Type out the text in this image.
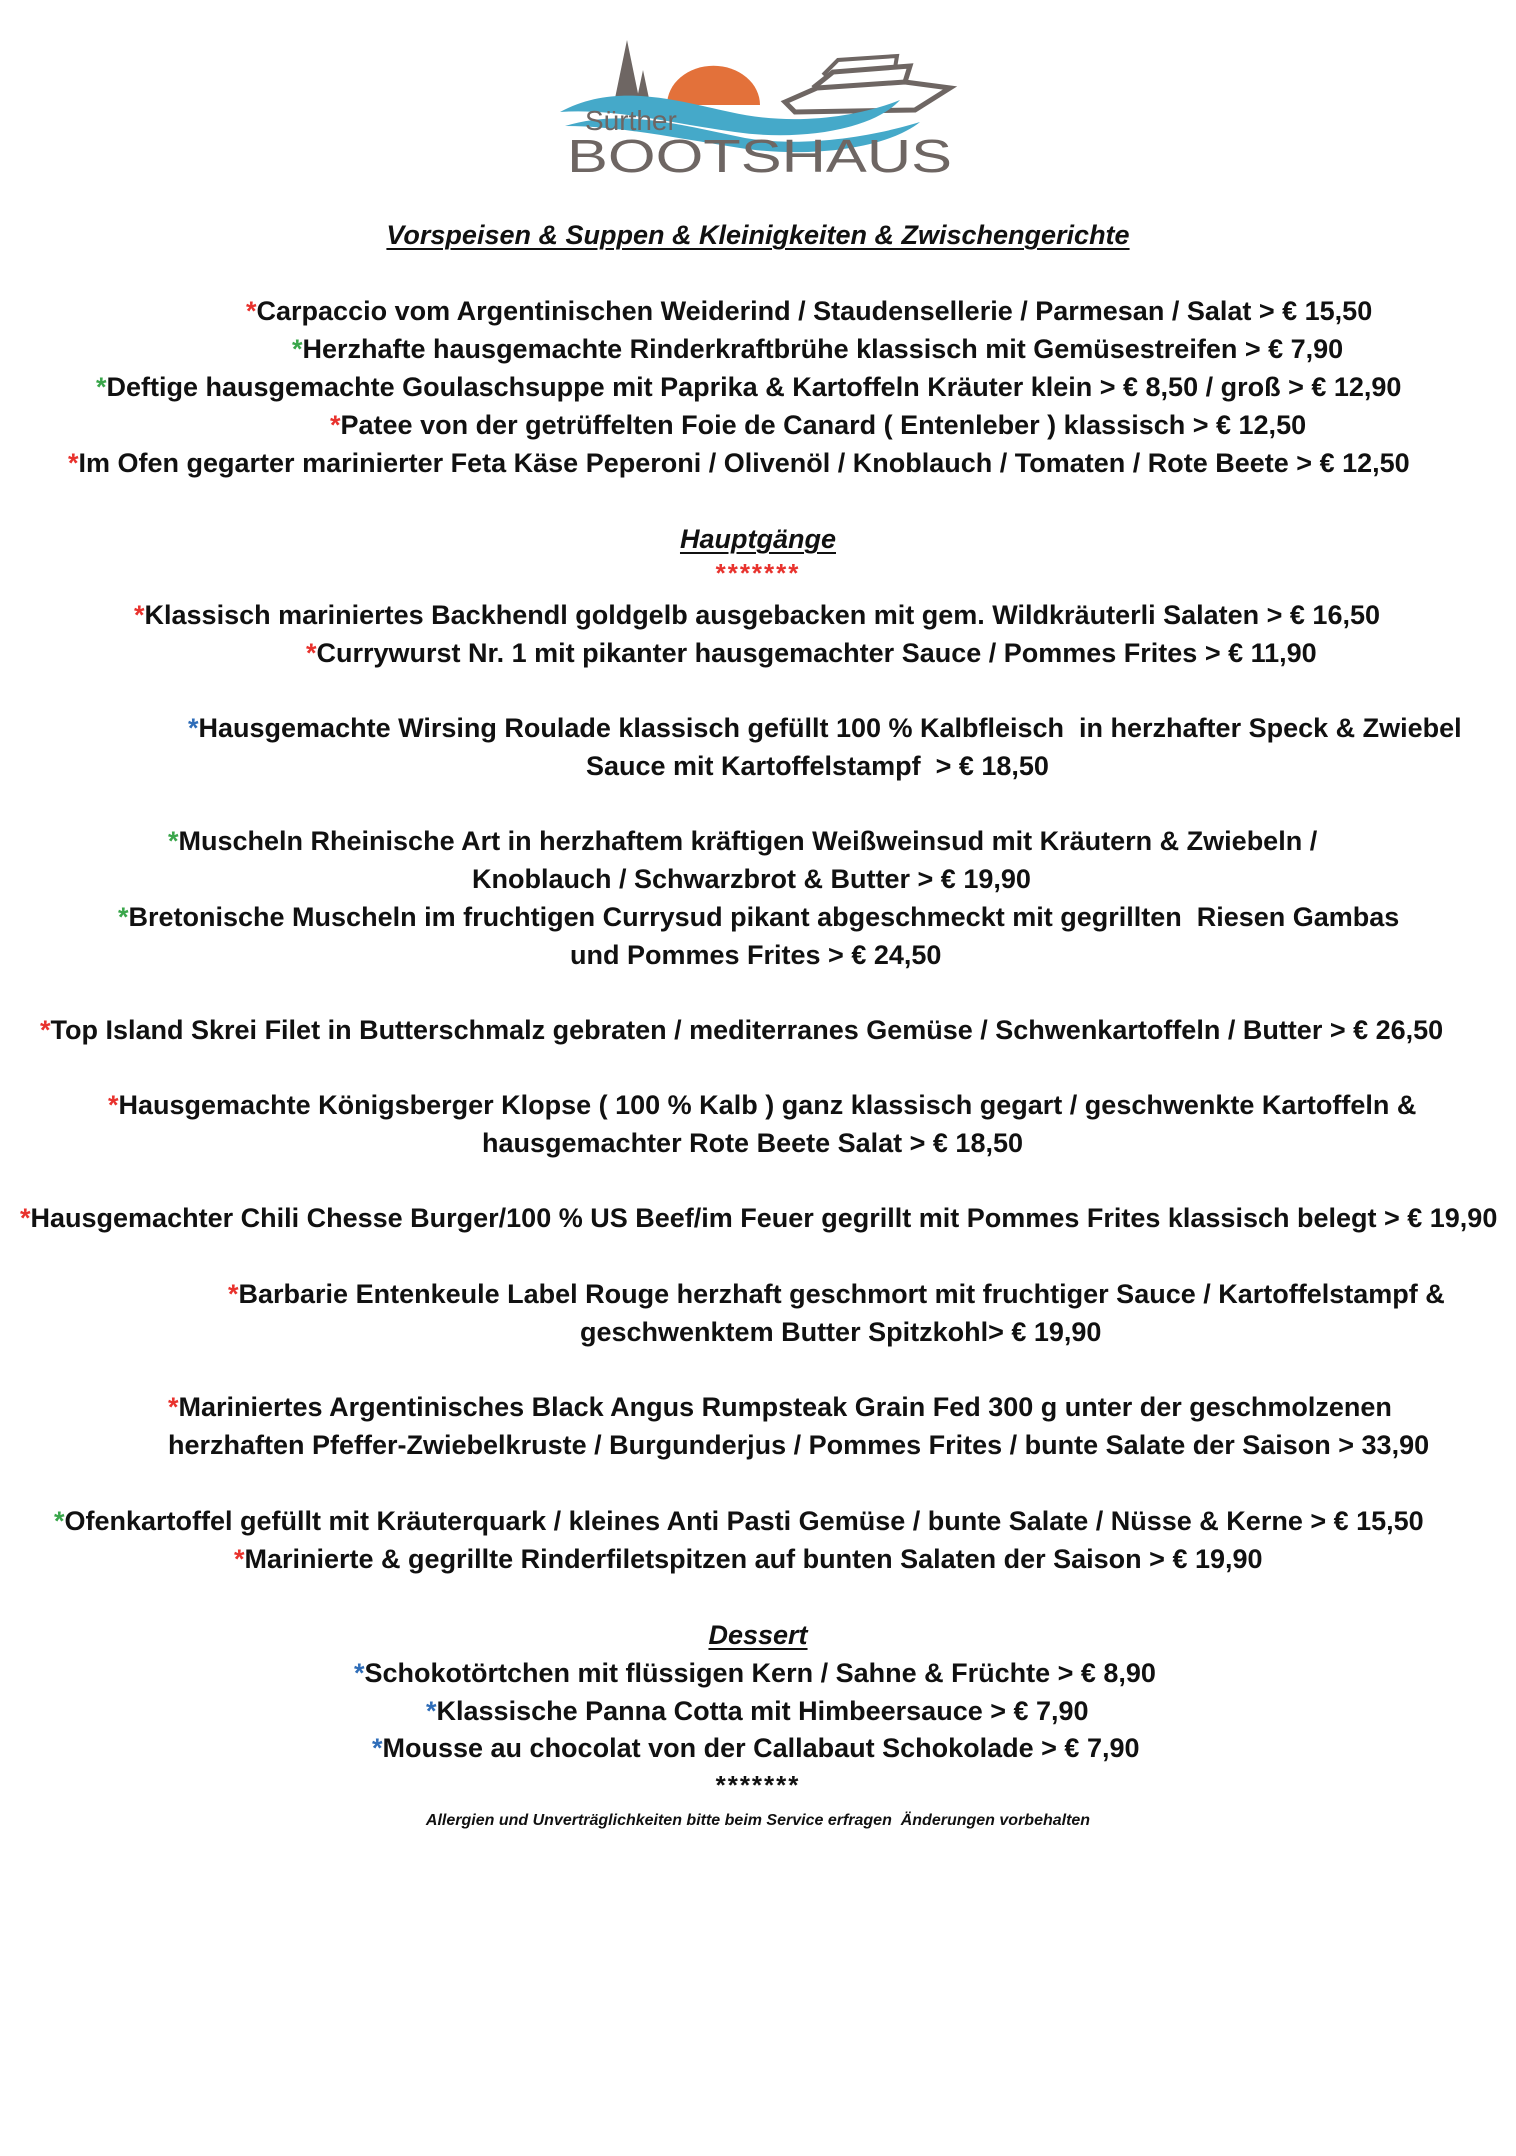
Sürther
BOOTSHAUS
Vorspeisen & Suppen & Kleinigkeiten & Zwischengerichte
*Carpaccio vom Argentinischen Weiderind / Staudensellerie / Parmesan / Salat > € 15,50
*Herzhafte hausgemachte Rinderkraftbrühe klassisch mit Gemüsestreifen > € 7,90
*Deftige hausgemachte Goulaschsuppe mit Paprika & Kartoffeln Kräuter klein > € 8,50 / groß > € 12,90
*Patee von der getrüffelten Foie de Canard ( Entenleber ) klassisch > € 12,50
*Im Ofen gegarter marinierter Feta Käse Peperoni / Olivenöl / Knoblauch / Tomaten / Rote Beete > € 12,50
Hauptgänge
*******
*Klassisch mariniertes Backhendl goldgelb ausgebacken mit gem. Wildkräuterli Salaten > € 16,50
*Currywurst Nr. 1 mit pikanter hausgemachter Sauce / Pommes Frites > € 11,90
*Hausgemachte Wirsing Roulade klassisch gefüllt 100 % Kalbfleisch  in herzhafter Speck & Zwiebel
Sauce mit Kartoffelstampf  > € 18,50
*Muscheln Rheinische Art in herzhaftem kräftigen Weißweinsud mit Kräutern & Zwiebeln /
Knoblauch / Schwarzbrot & Butter > € 19,90
*Bretonische Muscheln im fruchtigen Currysud pikant abgeschmeckt mit gegrillten  Riesen Gambas
und Pommes Frites > € 24,50
*Top Island Skrei Filet in Butterschmalz gebraten / mediterranes Gemüse / Schwenkartoffeln / Butter > € 26,50
*Hausgemachte Königsberger Klopse ( 100 % Kalb ) ganz klassisch gegart / geschwenkte Kartoffeln &
hausgemachter Rote Beete Salat > € 18,50
*Hausgemachter Chili Chesse Burger/100 % US Beef/im Feuer gegrillt mit Pommes Frites klassisch belegt > € 19,90
*Barbarie Entenkeule Label Rouge herzhaft geschmort mit fruchtiger Sauce / Kartoffelstampf &
geschwenktem Butter Spitzkohl> € 19,90
*Mariniertes Argentinisches Black Angus Rumpsteak Grain Fed 300 g unter der geschmolzenen
herzhaften Pfeffer-Zwiebelkruste / Burgunderjus / Pommes Frites / bunte Salate der Saison > 33,90
*Ofenkartoffel gefüllt mit Kräuterquark / kleines Anti Pasti Gemüse / bunte Salate / Nüsse & Kerne > € 15,50
*Marinierte & gegrillte Rinderfiletspitzen auf bunten Salaten der Saison > € 19,90
Dessert
*Schokotörtchen mit flüssigen Kern / Sahne & Früchte > € 8,90
*Klassische Panna Cotta mit Himbeersauce > € 7,90
*Mousse au chocolat von der Callabaut Schokolade > € 7,90
*******
Allergien und Unverträglichkeiten bitte beim Service erfragen  Änderungen vorbehalten
